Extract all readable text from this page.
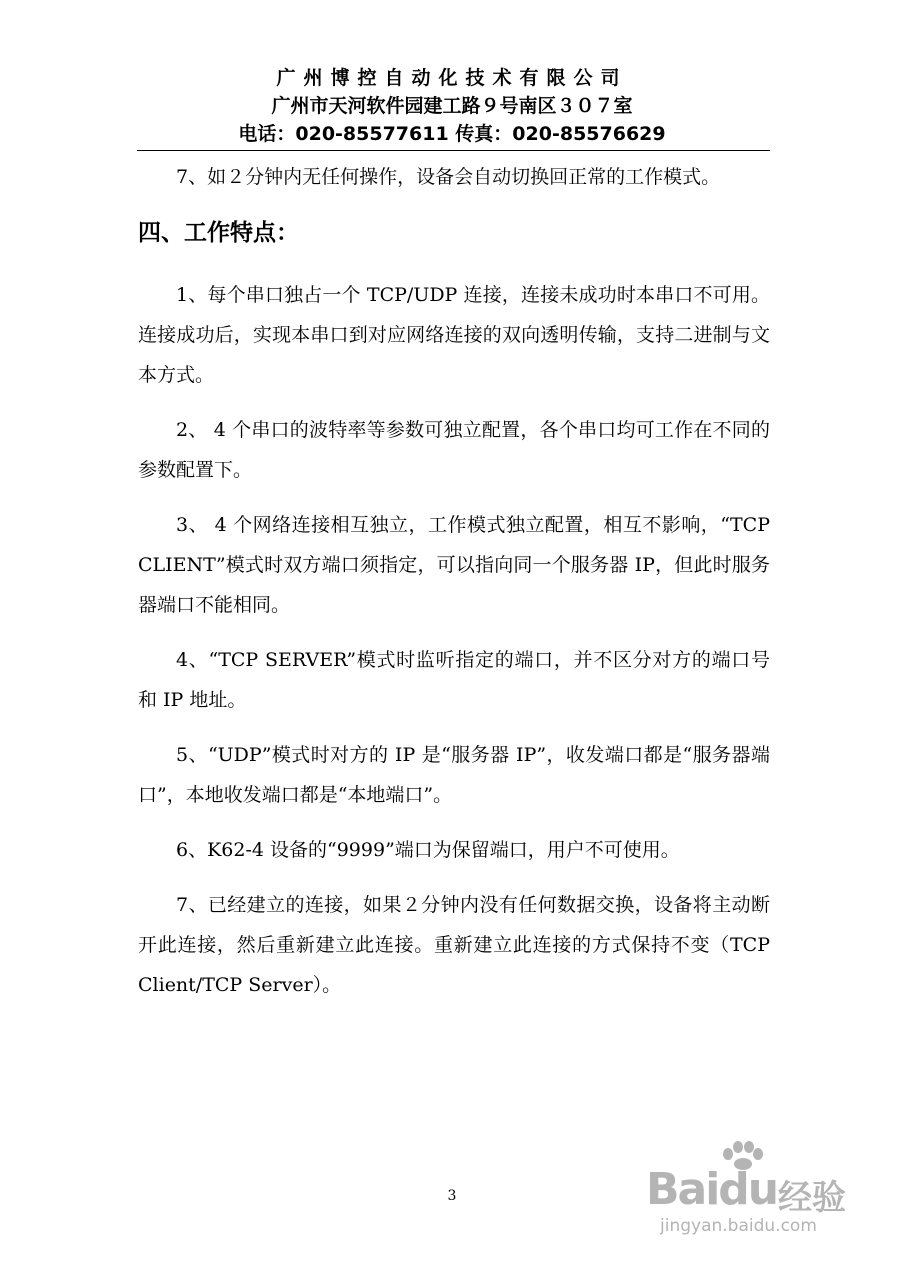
广州博控自动化技术有限公司
广州市天河软件园建工路９号南区３０７室
电话：020-85577611 传真：020-85576629

7、如２分钟内无任何操作，设备会自动切换回正常的工作模式。

四、工作特点：

1、每个串口独占一个 TCP/UDP 连接，连接未成功时本串口不可用。连接成功后，实现本串口到对应网络连接的双向透明传输，支持二进制与文本方式。

2、 4 个串口的波特率等参数可独立配置，各个串口均可工作在不同的参数配置下。

3、 4 个网络连接相互独立，工作模式独立配置，相互不影响，“TCP CLIENT”模式时双方端口须指定，可以指向同一个服务器 IP，但此时服务器端口不能相同。

4、“TCP SERVER”模式时监听指定的端口，并不区分对方的端口号和 IP 地址。

5、“UDP”模式时对方的 IP 是“服务器 IP”，收发端口都是“服务器端口”，本地收发端口都是“本地端口”。

6、K62-4 设备的“9999”端口为保留端口，用户不可使用。

7、已经建立的连接，如果２分钟内没有任何数据交换，设备将主动断开此连接，然后重新建立此连接。重新建立此连接的方式保持不变（TCP Client/TCP Server）。

3	Baidu 经验
jingyan.baidu.com
